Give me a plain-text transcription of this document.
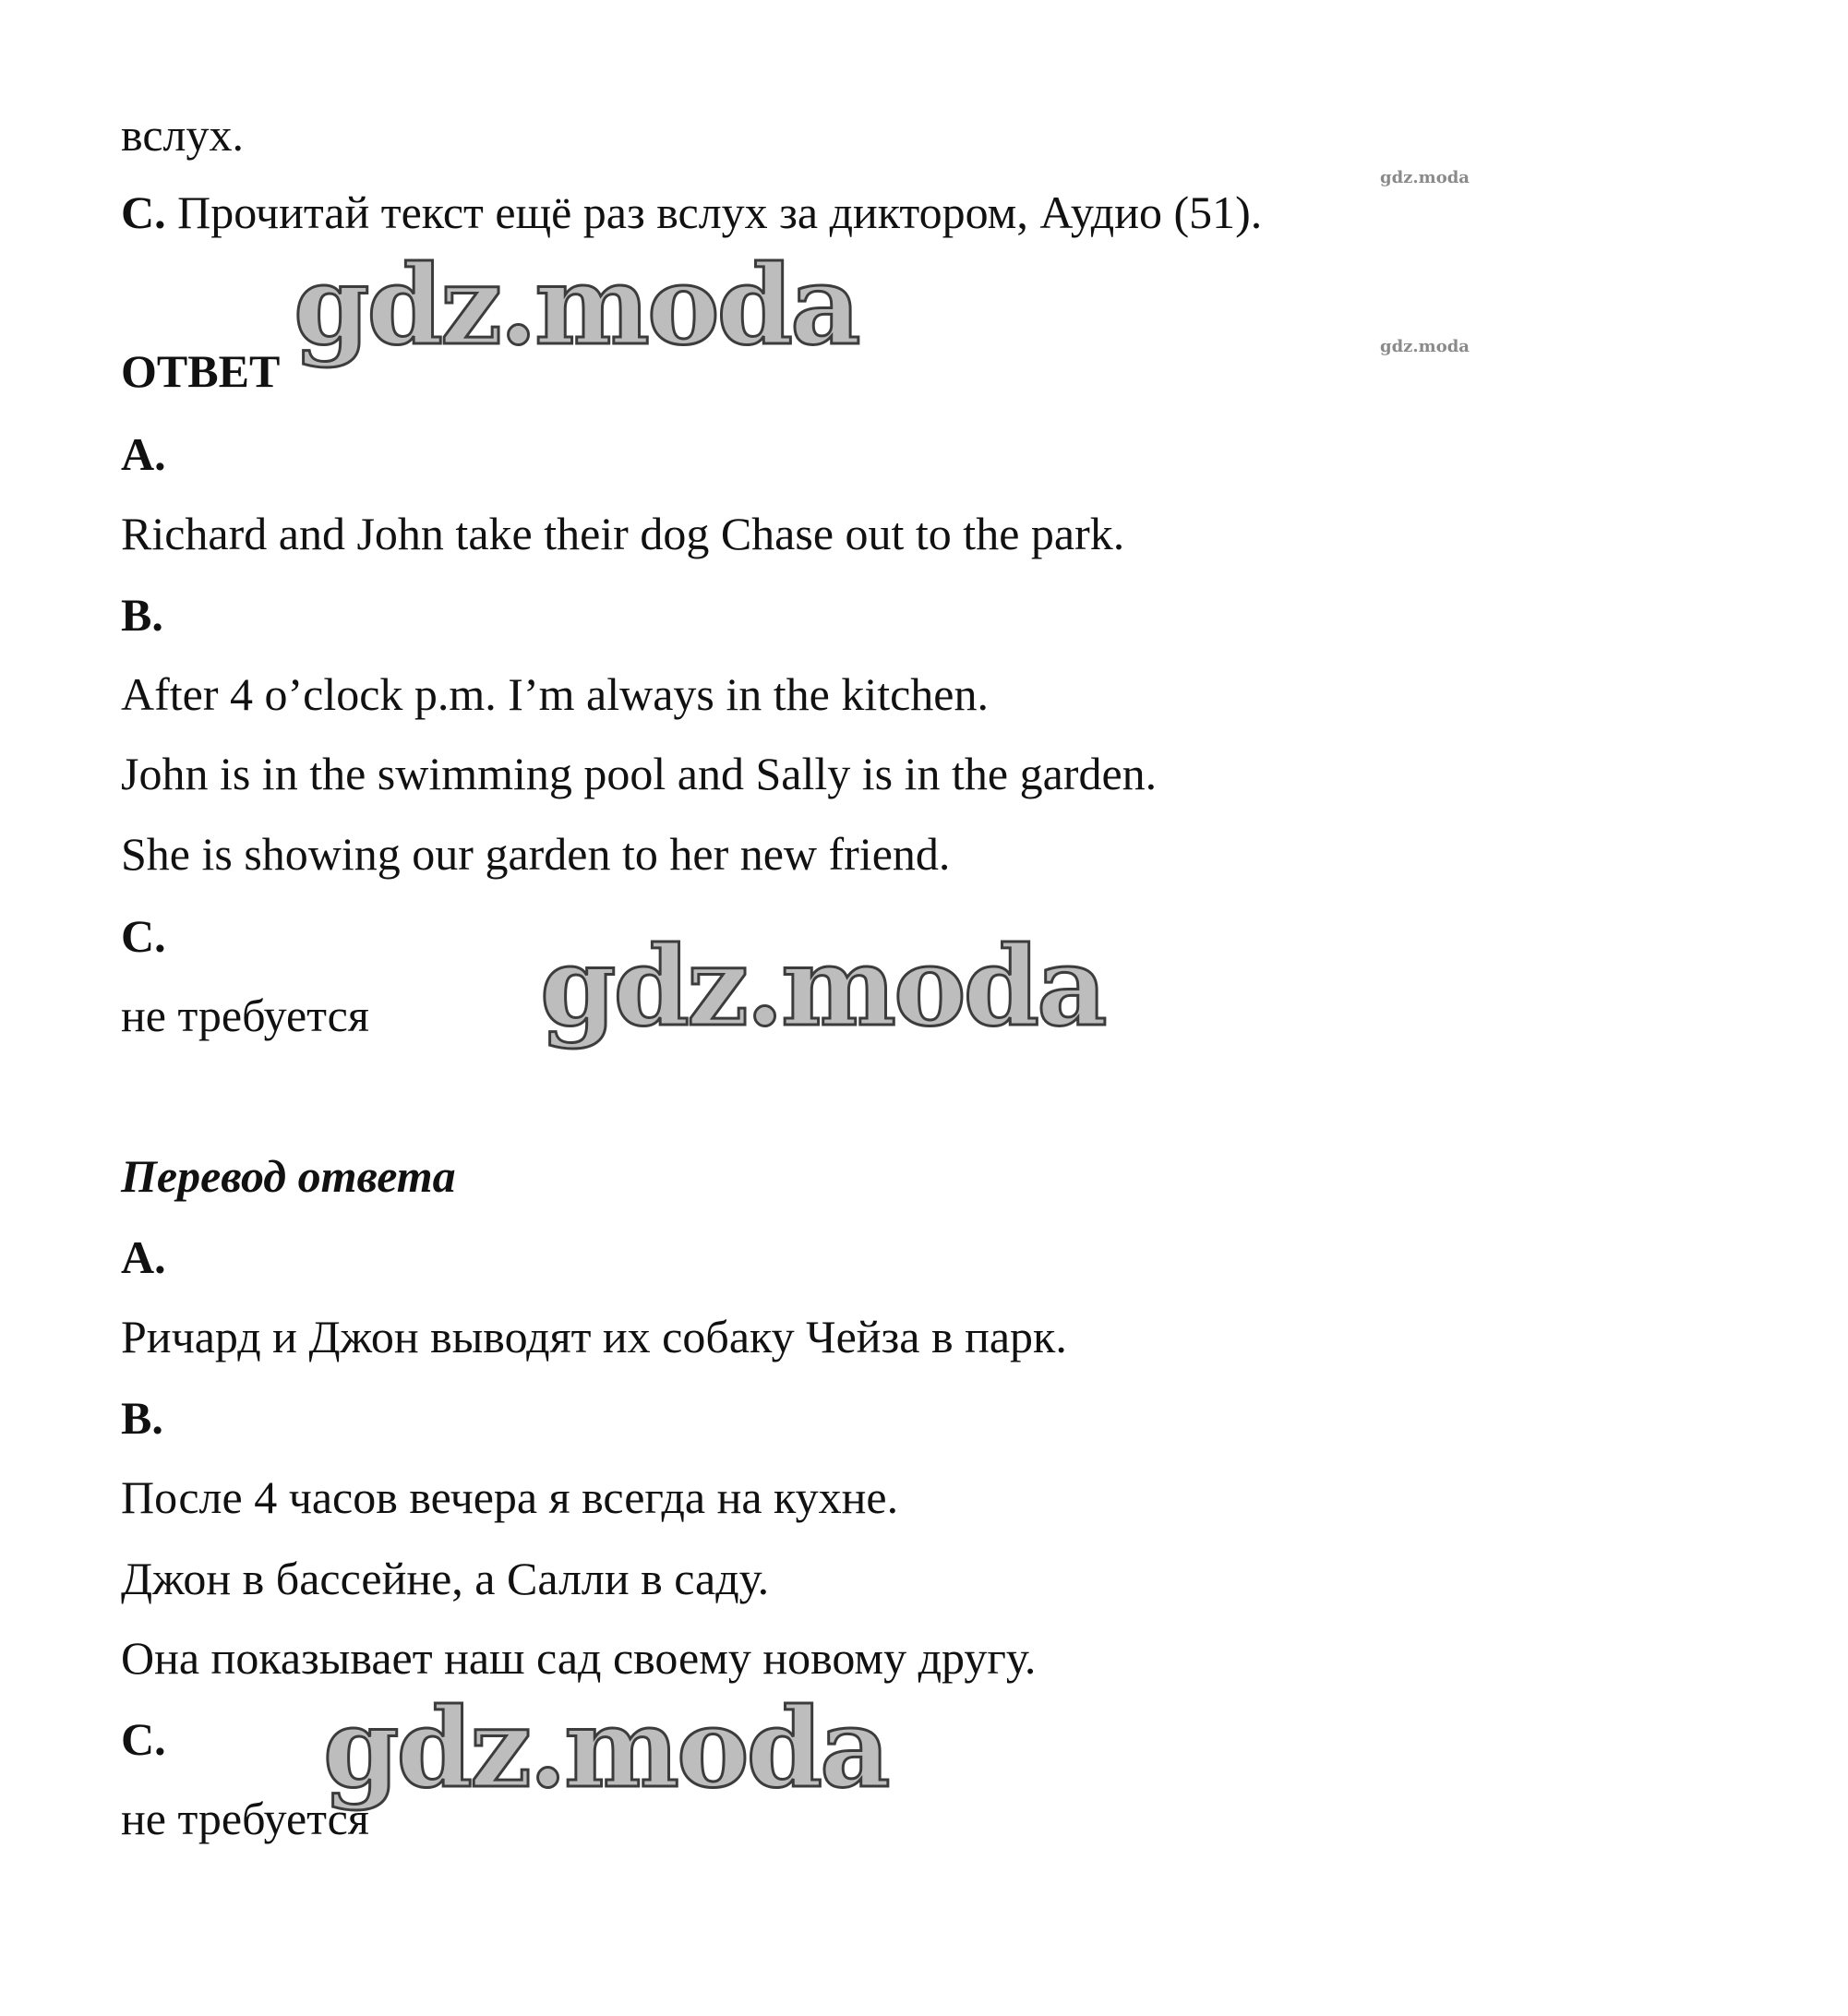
вслух.
С. Прочитай текст ещё раз вслух за диктором, Аудио (51).
ОТВЕТ
A.
Richard and John take their dog Chase out to the park.
B.
After 4 o’clock p.m. I’m always in the kitchen.
John is in the swimming pool and Sally is in the garden.
She is showing our garden to her new friend.
C.
не требуется
Перевод ответа
A.
Ричард и Джон выводят их собаку Чейза в парк.
B.
После 4 часов вечера я всегда на кухне.
Джон в бассейне, а Салли в саду.
Она показывает наш сад своему новому другу.
C.
не требуется
gdz.moda
gdz.moda
gdz.moda
gdz.moda
gdz.moda
